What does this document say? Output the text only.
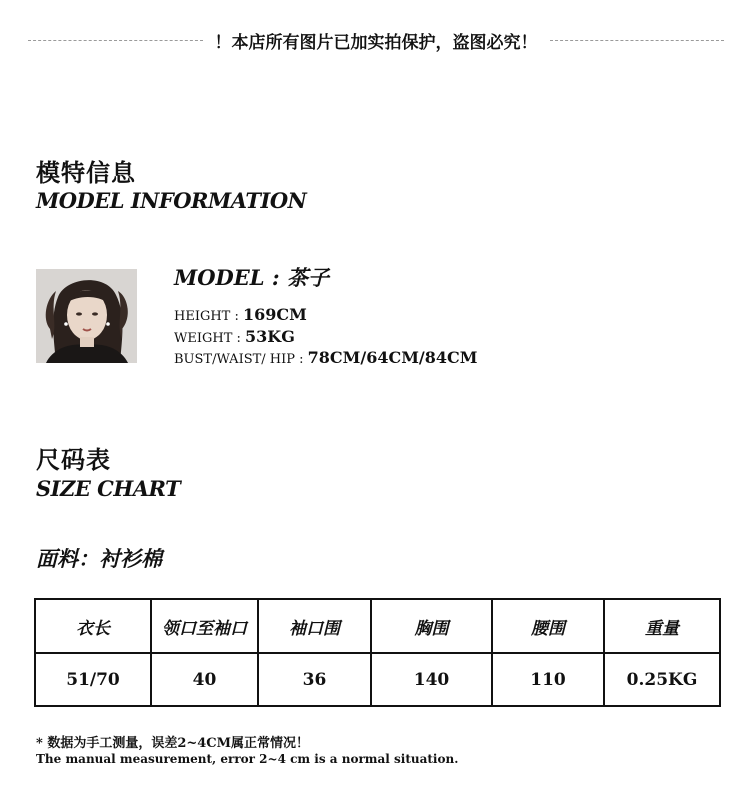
！本店所有图片已加实拍保护，盗图必究！
模特信息
MODEL INFORMATION
MODEL : 茶子
HEIGHT : 169CM
WEIGHT : 53KG
BUST/WAIST/ HIP : 78CM/64CM/84CM
尺码表
SIZE CHART
面料：衬衫棉
衣长	领口至袖口	袖口围	胸围	腰围	重量
51/70	40	36	140	110	0.25KG
* 数据为手工测量，误差2~4CM属正常情况！
The manual measurement, error 2~4 cm is a normal situation.
